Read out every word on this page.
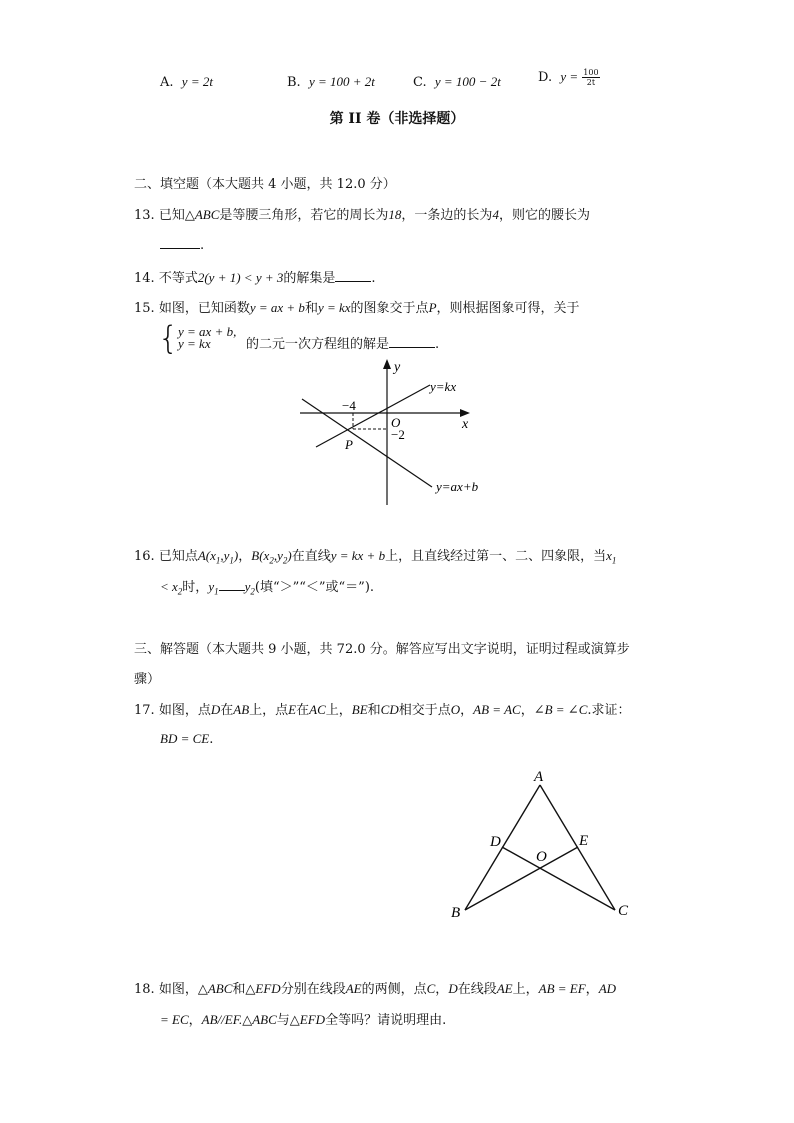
A. y = 2t	B. y = 100 + 2t	C. y = 100 − 2t	D. $y = \frac{100}{2t}$
第 II 卷（非选择题）
二、填空题（本大题共 4 小题，共 12.0 分）
13. 已知△ABC是等腰三角形，若它的周长为18，一条边的长为4，则它的腰长为
.
14. 不等式2(y + 1) < y + 3的解集是	.
15. 如图，已知函数y = ax + b和y = kx的图象交于点P，则根据图象可得，关于
{ y = ax + b,
y = kx	的二元一次方程组的解是	.
y
x
O
y=kx
y=ax+b
−4
−2
P
16. 已知点$A(x_1,y_1)$，$B(x_2,y_2)$在直线y = kx + b上，且直线经过第一、二、四象限，当$x_1$
< $x_2$时，$y_1$ $y_2$(填“＞”“＜”或“＝”).
三、解答题（本大题共 9 小题，共 72.0 分。解答应写出文字说明，证明过程或演算步
骤）
17. 如图，点D在AB上，点E在AC上，BE和CD相交于点O，AB = AC，∠B = ∠C.求证：
BD = CE.
A
B	C
D	E
O
18. 如图，△ABC和△EFD分别在线段AE的两侧，点C，D在线段AE上，AB = EF，AD
= EC，AB//EF.△ABC与△EFD全等吗？请说明理由.
